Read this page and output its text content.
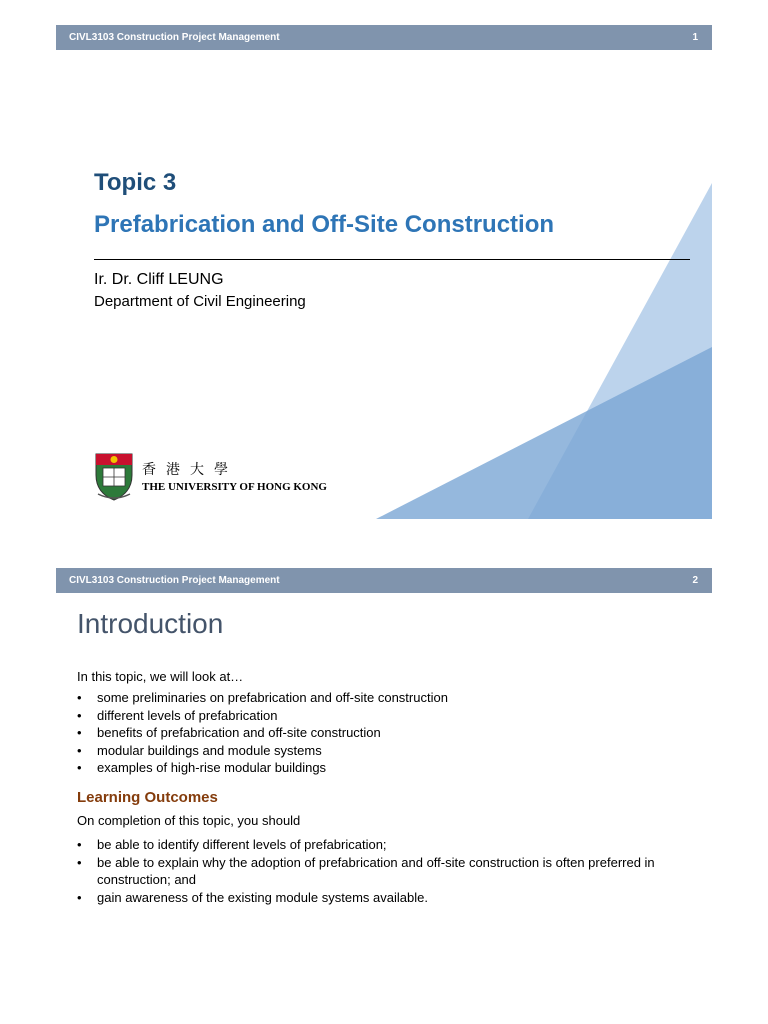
CIVL3103 Construction Project Management	1
Topic 3
Prefabrication and Off-Site Construction
Ir. Dr. Cliff LEUNG
Department of Civil Engineering
香港大學
THE UNIVERSITY OF HONG KONG
CIVL3103 Construction Project Management	2
Introduction
In this topic, we will look at…
• some preliminaries on prefabrication and off-site construction
• different levels of prefabrication
• benefits of prefabrication and off-site construction
• modular buildings and module systems
• examples of high-rise modular buildings
Learning Outcomes
On completion of this topic, you should
• be able to identify different levels of prefabrication;
• be able to explain why the adoption of prefabrication and off-site construction is often preferred in construction; and
• gain awareness of the existing module systems available.
